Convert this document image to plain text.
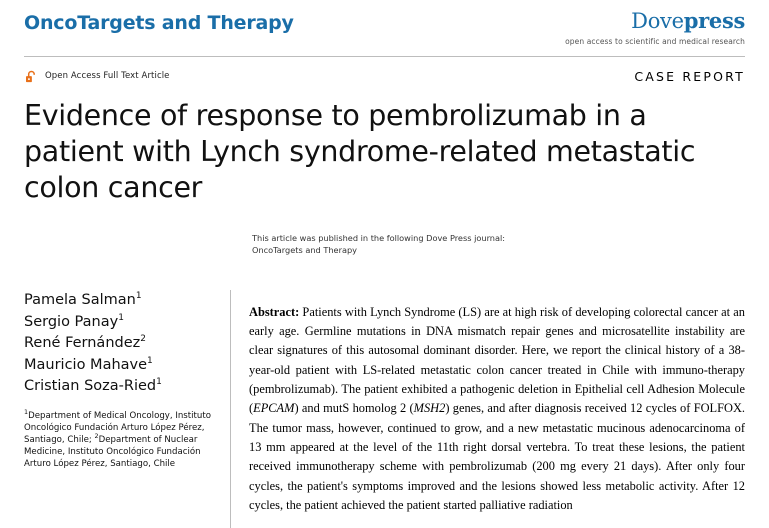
OncoTargets and Therapy	Dovepress
open access to scientific and medical research
Open Access Full Text Article	CASE REPORT
Evidence of response to pembrolizumab in a patient with Lynch syndrome-related metastatic colon cancer
This article was published in the following Dove Press journal:
OncoTargets and Therapy
Pamela Salman$^1$
Sergio Panay$^1$
René Fernández$^2$
Mauricio Mahave$^1$
Cristian Soza-Ried$^1$
$^1$Department of Medical Oncology, Instituto Oncológico Fundación Arturo López Pérez, Santiago, Chile; $^2$Department of Nuclear Medicine, Instituto Oncológico Fundación Arturo López Pérez, Santiago, Chile

Abstract: Patients with Lynch Syndrome (LS) are at high risk of developing colorectal cancer at an early age. Germline mutations in DNA mismatch repair genes and microsatellite instability are clear signatures of this autosomal dominant disorder. Here, we report the clinical history of a 38-year-old patient with LS-related metastatic colon cancer treated in Chile with immuno-therapy (pembrolizumab). The patient exhibited a pathogenic deletion in Epithelial cell Adhesion Molecule (EPCAM) and mutS homolog 2 (MSH2) genes, and after diagnosis received 12 cycles of FOLFOX. The tumor mass, however, continued to grow, and a new metastatic mucinous adenocarcinoma of 13 mm appeared at the level of the 11th right dorsal vertebra. To treat these lesions, the patient received immunotherapy scheme with pembrolizumab (200 mg every 21 days). After only four cycles, the patient's symptoms improved and the lesions showed less metabolic activity. After 12 cycles, the patient achieved the patient started palliative radiation
